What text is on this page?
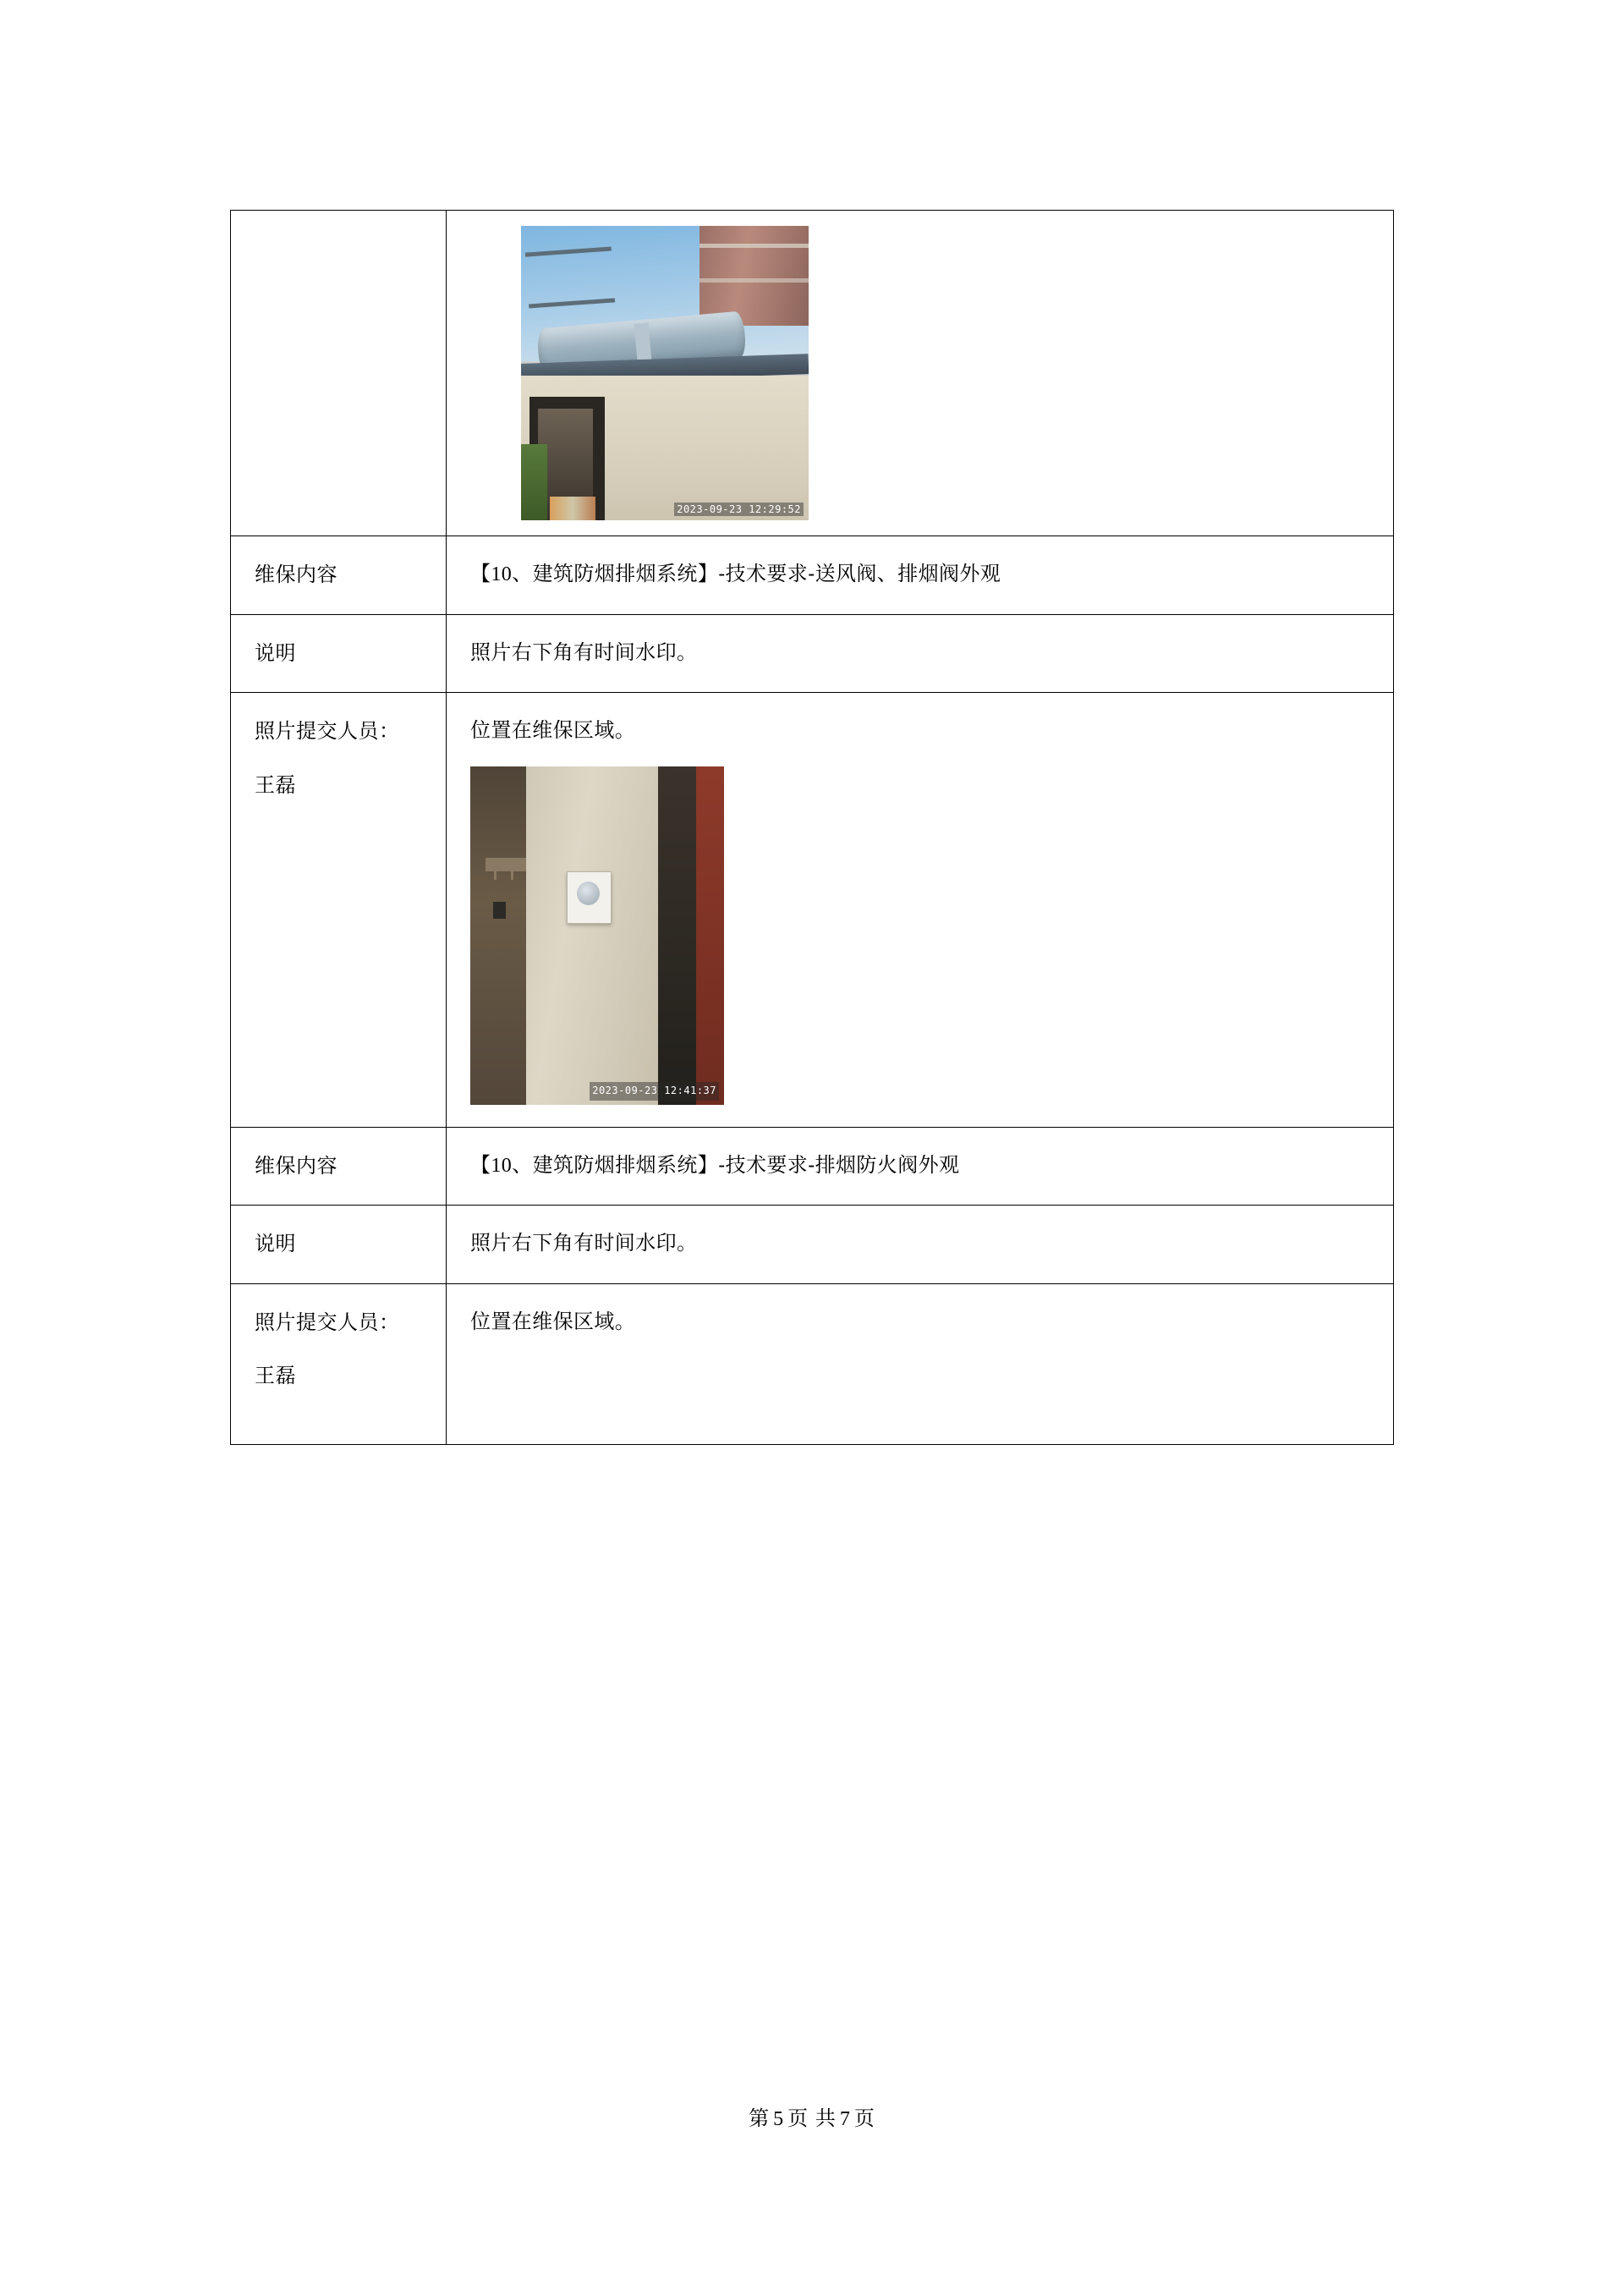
	2023-09-23 12:29:52

维保内容	【10、建筑防烟排烟系统】-技术要求-送风阀、排烟阀外观

说明	照片右下角有时间水印。

照片提交人员：
王磊	位置在维保区域。
2023-09-23 12:41:37

维保内容	【10、建筑防烟排烟系统】-技术要求-排烟防火阀外观

说明	照片右下角有时间水印。

照片提交人员：
王磊	位置在维保区域。
第 5 页 共 7 页
